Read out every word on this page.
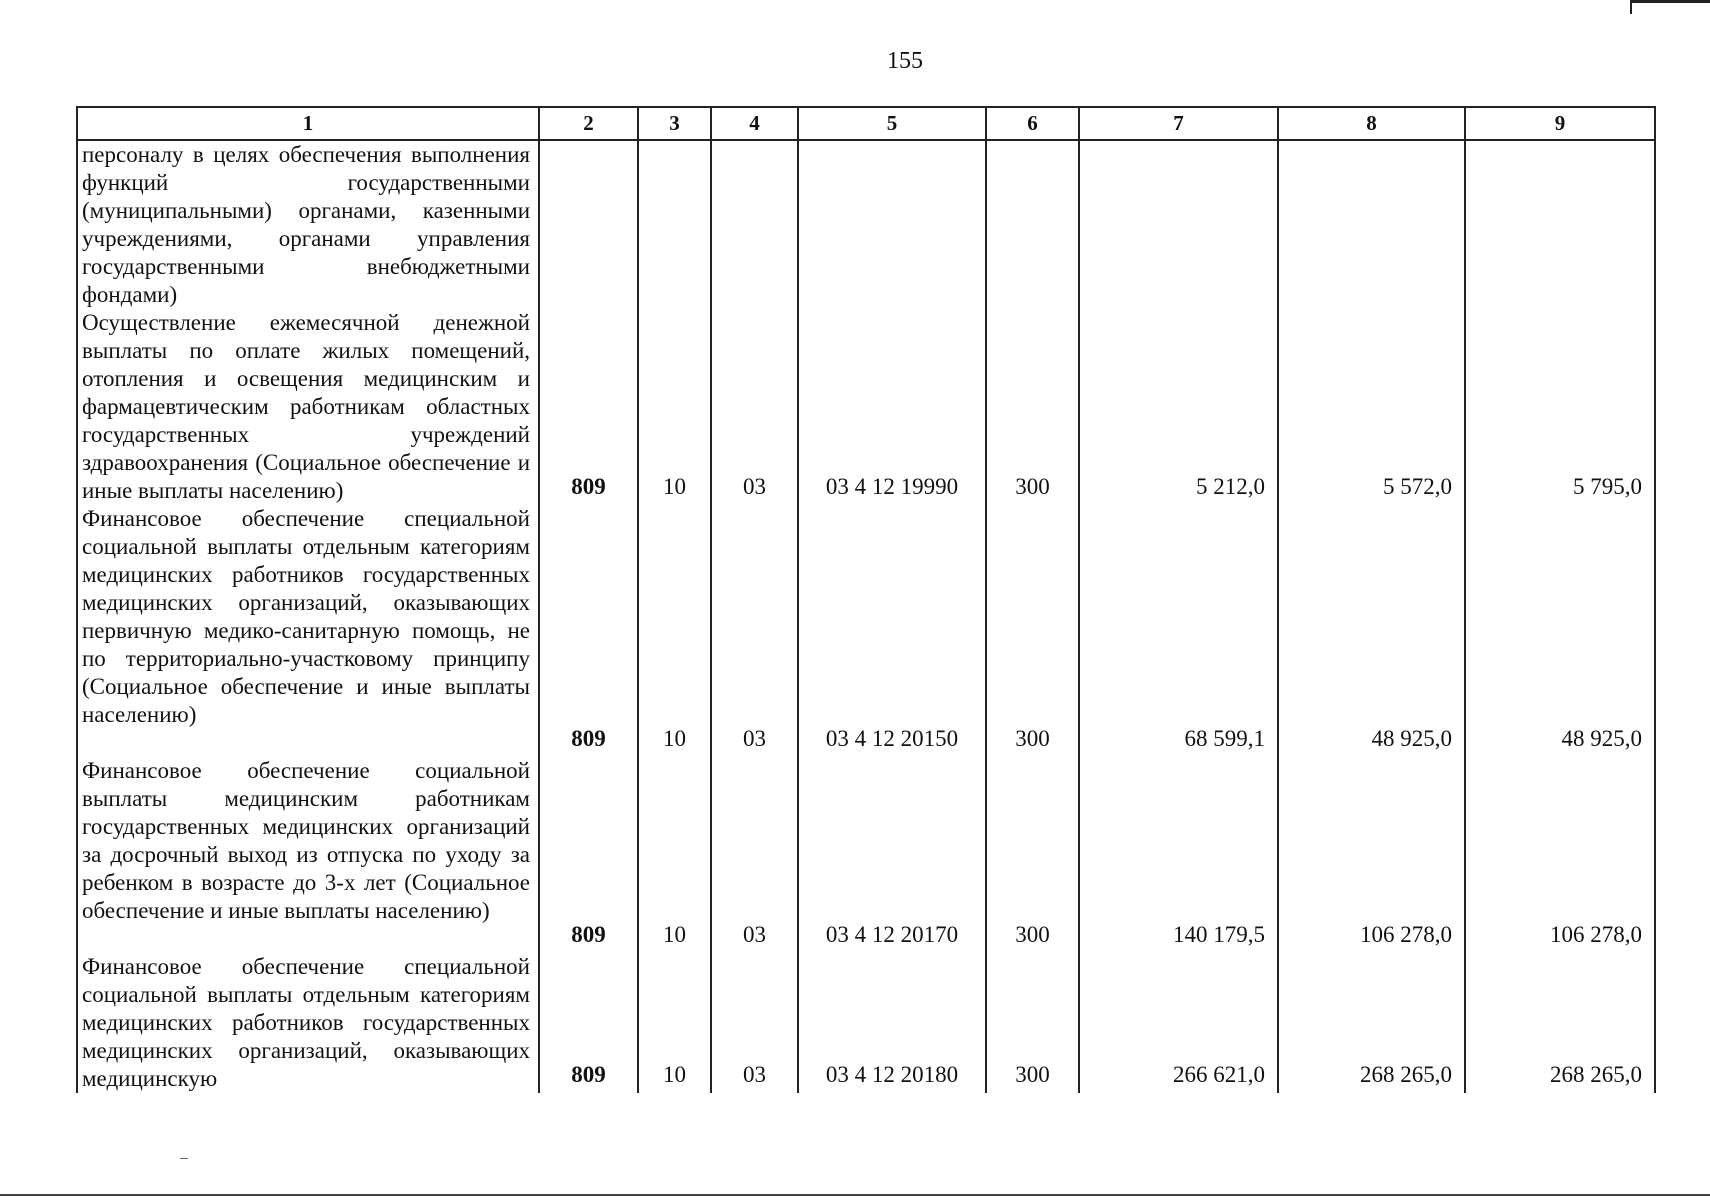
155
1	2	3	4	5	6	7	8	9

персоналу в целях обеспечения выполнения функций государственными (муниципальными) органами, казенными учреждениями, органами управления государственными внебюджетными фондами)								

Осуществление ежемесячной денежной выплаты по оплате жилых помещений, отопления и освещения медицинским и фармацевтическим работникам областных государственных учреждений здравоохранения (Социальное обеспечение и иные выплаты населению)	809	10	03	03 4 12 19990	300	5 212,0	5 572,0	5 795,0

Финансовое обеспечение специальной социальной выплаты отдельным категориям медицинских работников государственных медицинских организаций, оказывающих первичную медико-санитарную помощь, не по территориально-участковому принципу (Социальное обеспечение и иные выплаты населению)	809	10	03	03 4 12 20150	300	68 599,1	48 925,0	48 925,0

Финансовое обеспечение социальной выплаты медицинским работникам государственных медицинских организаций за досрочный выход из отпуска по уходу за ребенком в возрасте до 3-х лет (Социальное обеспечение и иные выплаты населению)	809	10	03	03 4 12 20170	300	140 179,5	106 278,0	106 278,0

Финансовое обеспечение специальной социальной выплаты отдельным категориям медицинских работников государственных медицинских организаций, оказывающих медицинскую	809	10	03	03 4 12 20180	300	266 621,0	268 265,0	268 265,0
